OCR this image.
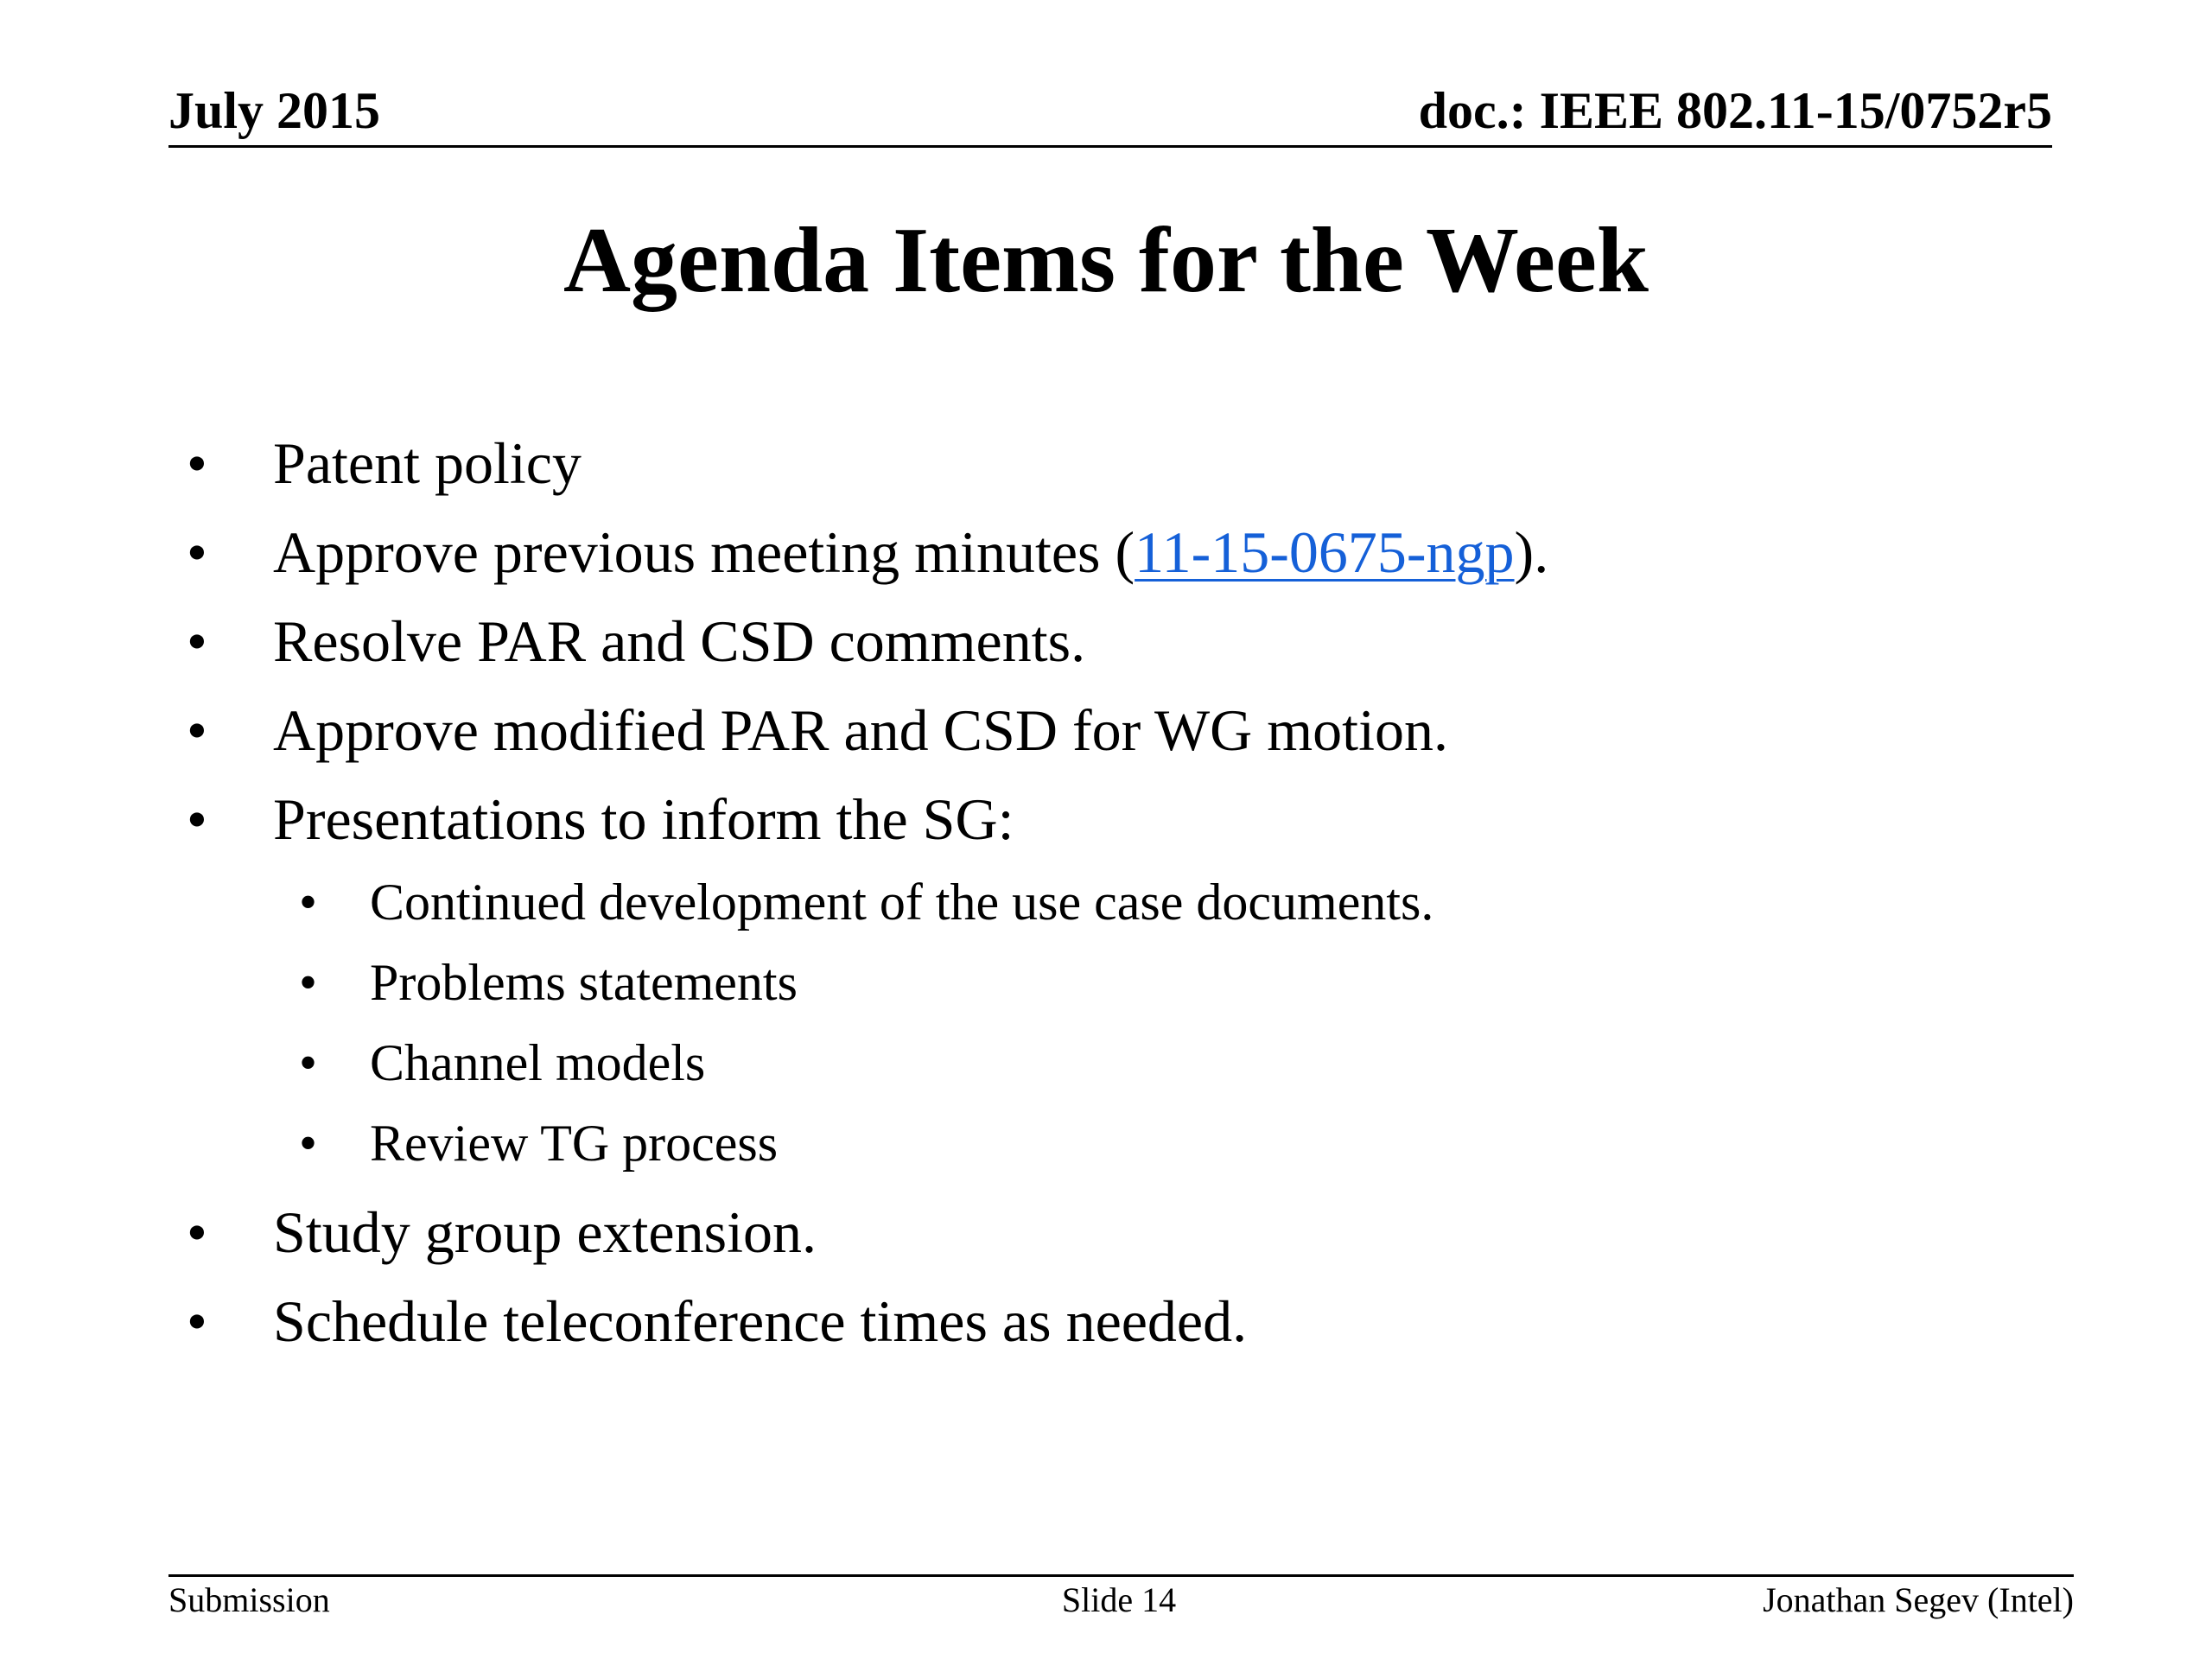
July 2015	doc.: IEEE 802.11-15/0752r5
Agenda Items for the Week
• Patent policy
• Approve previous meeting minutes (11-15-0675-ngp).
• Resolve PAR and CSD comments.
• Approve modified PAR and CSD for WG motion.
• Presentations to inform the SG:
• Continued development of the use case documents.
• Problems statements
• Channel models
• Review TG process
• Study group extension.
• Schedule teleconference times as needed.
Submission	Slide 14	Jonathan Segev (Intel)
